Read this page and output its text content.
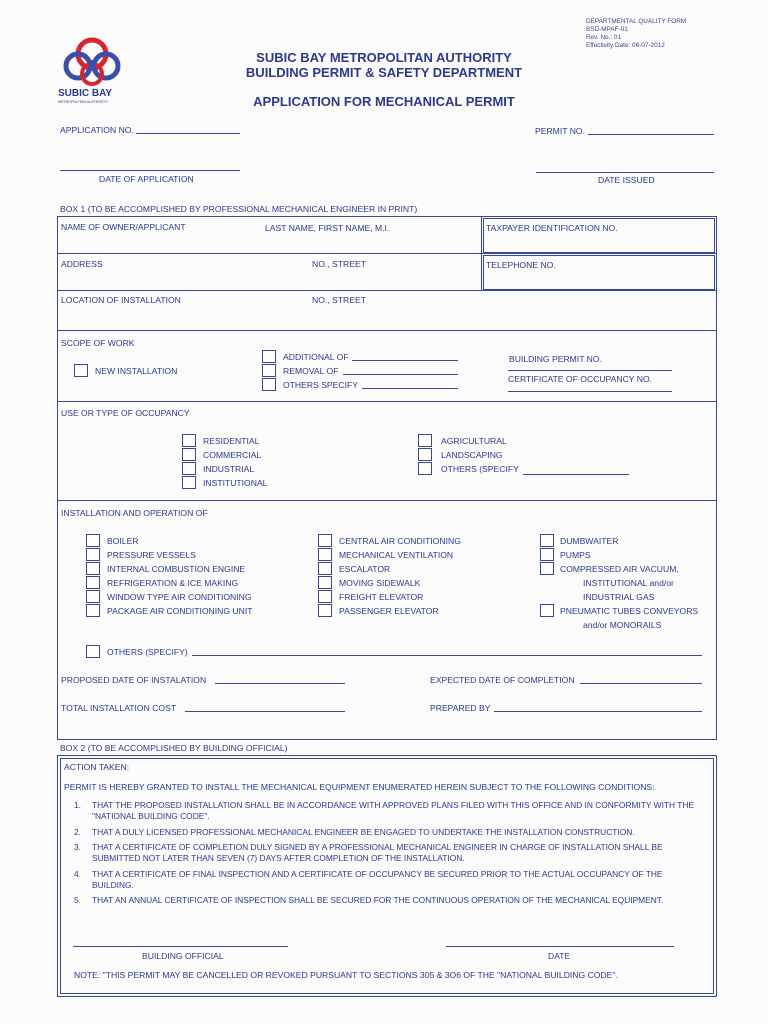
DEPARTMENTAL QUALITY FORM
BSD-MPAF-01
Rev. No.: 01
Effectivity Date: 06-07-2012
SUBIC BAY
METROPOLITAN AUTHORITY
SUBIC BAY METROPOLITAN AUTHORITY
BUILDING PERMIT & SAFETY DEPARTMENT
APPLICATION FOR MECHANICAL PERMIT
APPLICATION NO.	PERMIT NO.
DATE OF APPLICATION	DATE ISSUED
BOX 1 (TO BE ACCOMPLISHED BY PROFESSIONAL MECHANICAL ENGINEER IN PRINT)
NAME OF OWNER/APPLICANT	LAST NAME, FIRST NAME, M.I.	TAXPAYER IDENTIFICATION NO.
ADDRESS	NO., STREET	TELEPHONE NO.
LOCATION OF INSTALLATION	NO., STREET
SCOPE OF WORK
NEW INSTALLATION
ADDITIONAL OF
REMOVAL OF
OTHERS SPECIFY
BUILDING PERMIT NO.
CERTIFICATE OF OCCUPANCY NO.
USE OR TYPE OF OCCUPANCY
RESIDENTIAL
COMMERCIAL
INDUSTRIAL
INSTITUTIONAL
AGRICULTURAL
LANDSCAPING
OTHERS (SPECIFY
INSTALLATION AND OPERATION OF
BOILER
PRESSURE VESSELS
INTERNAL COMBUSTION ENGINE
REFRIGERATION & ICE MAKING
WINDOW TYPE AIR CONDITIONING
PACKAGE AIR CONDITIONING UNIT
CENTRAL AIR CONDITIONING
MECHANICAL VENTILATION
ESCALATOR
MOVING SIDEWALK
FREIGHT ELEVATOR
PASSENGER ELEVATOR
DUMBWAITER
PUMPS
COMPRESSED AIR VACUUM,
INSTITUTIONAL and/or
INDUSTRIAL GAS
PNEUMATIC TUBES CONVEYORS
and/or MONORAILS
OTHERS (SPECIFY)
PROPOSED DATE OF INSTALATION	EXPECTED DATE OF COMPLETION
TOTAL INSTALLATION COST	PREPARED BY
BOX 2 (TO BE ACCOMPLISHED BY BUILDING OFFICIAL)
ACTION TAKEN:
PERMIT IS HEREBY GRANTED TO INSTALL THE MECHANICAL EQUIPMENT ENUMERATED HEREIN SUBJECT TO THE FOLLOWING CONDITIONS:
1. THAT THE PROPOSED INSTALLATION SHALL BE IN ACCORDANCE WITH APPROVED PLANS FILED WITH THIS OFFICE AND IN CONFORMITY WITH THE "NATIONAL BUILDING CODE".
2. THAT A DULY LICENSED PROFESSIONAL MECHANICAL ENGINEER BE ENGAGED TO UNDERTAKE THE INSTALLATION CONSTRUCTION.
3. THAT A CERTIFICATE OF COMPLETION DULY SIGNED BY A PROFESSIONAL MECHANICAL ENGINEER IN CHARGE OF INSTALLATION SHALL BE SUBMITTED NOT LATER THAN SEVEN (7) DAYS AFTER COMPLETION OF THE INSTALLATION.
4. THAT A CERTIFICATE OF FINAL INSPECTION AND A CERTIFICATE OF OCCUPANCY BE SECURED PRIOR TO THE ACTUAL OCCUPANCY OF THE BUILDING.
5. THAT AN ANNUAL CERTIFICATE OF INSPECTION SHALL BE SECURED FOR THE CONTINUOUS OPERATION OF THE MECHANICAL EQUIPMENT.
BUILDING OFFICIAL	DATE
NOTE: "THIS PERMIT MAY BE CANCELLED OR REVOKED PURSUANT TO SECTIONS 305 & 3O6 OF THE "NATIONAL BUILDING CODE".
